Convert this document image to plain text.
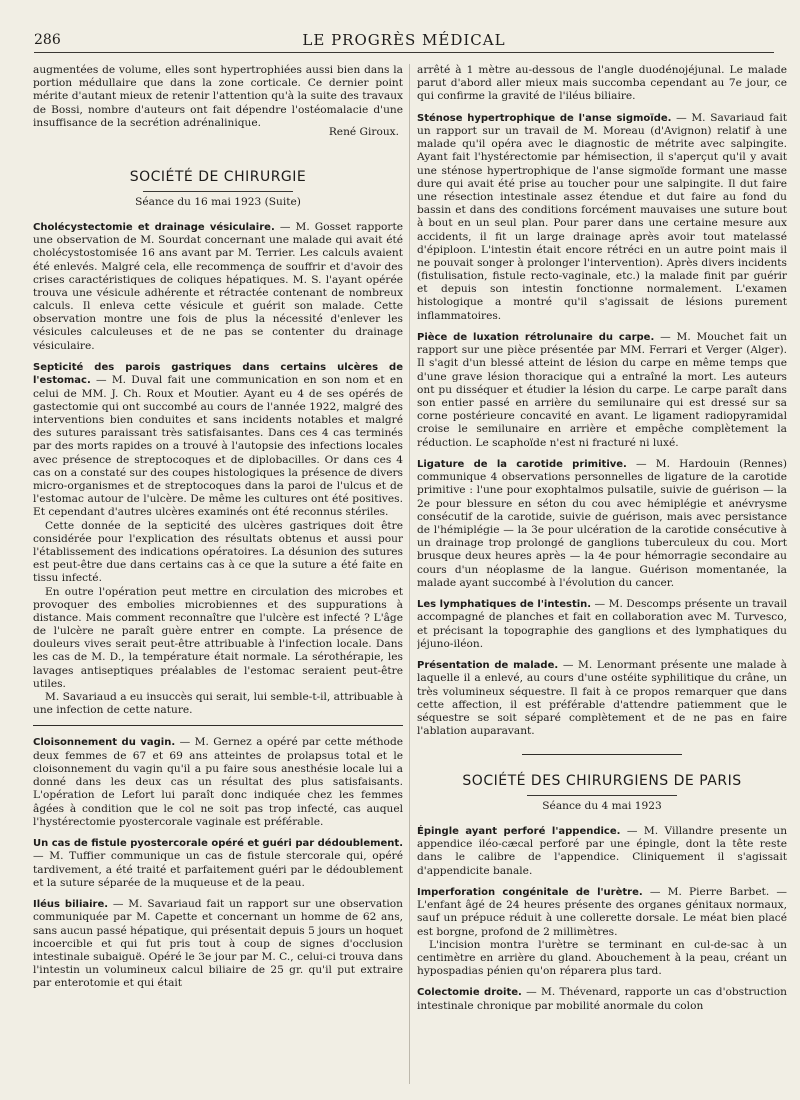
286	LE PROGRÈS MÉDICAL

augmentées de volume, elles sont hypertrophiées aussi bien dans la portion médullaire que dans la zone corticale. Ce dernier point mérite d'autant mieux de retenir l'attention qu'à la suite des travaux de Bossi, nombre d'auteurs ont fait dépendre l'ostéomalacie d'une insuffisance de la secrétion adrénalinique.

René Giroux.
SOCIÉTÉ DE CHIRURGIE
Séance du 16 mai 1923 (Suite)

Cholécystectomie et drainage vésiculaire. — M. Gosset rapporte une observation de M. Sourdat concernant une malade qui avait été cholécystostomisée 16 ans avant par M. Terrier. Les calculs avaient été enlevés. Malgré cela, elle recommença de souffrir et d'avoir des crises caractéristiques de coliques hépatiques. M. S. l'ayant opérée trouva une vésicule adhérente et rétractée contenant de nombreux calculs. Il enleva cette vésicule et guérit son malade. Cette observation montre une fois de plus la nécessité d'enlever les vésicules calculeuses et de ne pas se contenter du drainage vésiculaire.

Septicité des parois gastriques dans certains ulcères de l'estomac. — M. Duval fait une communication en son nom et en celui de MM. J. Ch. Roux et Moutier. Ayant eu 4 de ses opérés de gastectomie qui ont succombé au cours de l'année 1922, malgré des interventions bien conduites et sans incidents notables et malgré des sutures paraissant très satisfaisantes. Dans ces 4 cas terminés par des morts rapides on a trouvé à l'autopsie des infections locales avec présence de streptocoques et de diplobacilles. Or dans ces 4 cas on a constaté sur des coupes histologiques la présence de divers micro-organismes et de streptocoques dans la paroi de l'ulcus et de l'estomac autour de l'ulcère. De même les cultures ont été positives. Et cependant d'autres ulcères examinés ont été reconnus stériles.

Cette donnée de la septicité des ulcères gastriques doit être considérée pour l'explication des résultats obtenus et aussi pour l'établissement des indications opératoires. La désunion des sutures est peut-être due dans certains cas à ce que la suture a été faite en tissu infecté.

En outre l'opération peut mettre en circulation des microbes et provoquer des embolies microbiennes et des suppurations à distance. Mais comment reconnaître que l'ulcère est infecté ? L'âge de l'ulcère ne paraît guère entrer en compte. La présence de douleurs vives serait peut-être attribuable à l'infection locale. Dans les cas de M. D., la température était normale. La sérothérapie, les lavages antiseptiques préalables de l'estomac seraient peut-être utiles.

M. Savariaud a eu insuccès qui serait, lui semble-t-il, attribuable à une infection de cette nature.

Cloisonnement du vagin. — M. Gernez a opéré par cette méthode deux femmes de 67 et 69 ans atteintes de prolapsus total et le cloisonnement du vagin qu'il a pu faire sous anesthésie locale lui a donné dans les deux cas un résultat des plus satisfaisants. L'opération de Lefort lui paraît donc indiquée chez les femmes âgées à condition que le col ne soit pas trop infecté, cas auquel l'hystérectomie pyostercorale vaginale est préférable.

Un cas de fistule pyostercorale opéré et guéri par dédoublement. — M. Tuffier communique un cas de fistule stercorale qui, opéré tardivement, a été traité et parfaitement guéri par le dédoublement et la suture séparée de la muqueuse et de la peau.

Iléus biliaire. — M. Savariaud fait un rapport sur une observation communiquée par M. Capette et concernant un homme de 62 ans, sans aucun passé hépatique, qui présentait depuis 5 jours un hoquet incoercible et qui fut pris tout à coup de signes d'occlusion intestinale subaiguë. Opéré le 3e jour par M. C., celui-ci trouva dans l'intestin un volumineux calcul biliaire de 25 gr. qu'il put extraire par enterotomie et qui était

arrêté à 1 mètre au-dessous de l'angle duodénojéjunal. Le malade parut d'abord aller mieux mais succomba cependant au 7e jour, ce qui confirme la gravité de l'iléus biliaire.

Sténose hypertrophique de l'anse sigmoïde. — M. Savariaud fait un rapport sur un travail de M. Moreau (d'Avignon) relatif à une malade qu'il opéra avec le diagnostic de métrite avec salpingite. Ayant fait l'hystérectomie par hémisection, il s'aperçut qu'il y avait une sténose hypertrophique de l'anse sigmoïde formant une masse dure qui avait été prise au toucher pour une salpingite. Il dut faire une résection intestinale assez étendue et dut faire au fond du bassin et dans des conditions forcément mauvaises une suture bout à bout en un seul plan. Pour parer dans une certaine mesure aux accidents, il fit un large drainage après avoir tout matelassé d'épiploon. L'intestin était encore rétréci en un autre point mais il ne pouvait songer à prolonger l'intervention). Après divers incidents (fistulisation, fistule recto-vaginale, etc.) la malade finit par guérir et depuis son intestin fonctionne normalement. L'examen histologique a montré qu'il s'agissait de lésions purement inflammatoires.

Pièce de luxation rétrolunaire du carpe. — M. Mouchet fait un rapport sur une pièce présentée par MM. Ferrari et Verger (Alger). Il s'agit d'un blessé atteint de lésion du carpe en même temps que d'une grave lésion thoracique qui a entraîné la mort. Les auteurs ont pu disséquer et étudier la lésion du carpe. Le carpe paraît dans son entier passé en arrière du semilunaire qui est dressé sur sa corne postérieure concavité en avant. Le ligament radiopyramidal croise le semilunaire en arrière et empêche complètement la réduction. Le scaphoïde n'est ni fracturé ni luxé.

Ligature de la carotide primitive. — M. Hardouin (Rennes) communique 4 observations personnelles de ligature de la carotide primitive : l'une pour exophtalmos pulsatile, suivie de guérison — la 2e pour blessure en séton du cou avec hémiplégie et anévrysme consécutif de la carotide, suivie de guérison, mais avec persistance de l'hémiplégie — la 3e pour ulcération de la carotide consécutive à un drainage trop prolongé de ganglions tuberculeux du cou. Mort brusque deux heures après — la 4e pour hémorragie secondaire au cours d'un néoplasme de la langue. Guérison momentanée, la malade ayant succombé à l'évolution du cancer.

Les lymphatiques de l'intestin. — M. Descomps présente un travail accompagné de planches et fait en collaboration avec M. Turvesco, et précisant la topographie des ganglions et des lymphatiques du jéjuno-iléon.

Présentation de malade. — M. Lenormant présente une malade à laquelle il a enlevé, au cours d'une ostéite syphilitique du crâne, un très volumineux séquestre. Il fait à ce propos remarquer que dans cette affection, il est préférable d'attendre patiemment que le séquestre se soit séparé complètement et de ne pas en faire l'ablation auparavant.

SOCIÉTÉ DES CHIRURGIENS DE PARIS
Séance du 4 mai 1923

Épingle ayant perforé l'appendice. — M. Villandre presente un appendice iléo-cæcal perforé par une épingle, dont la tête reste dans le calibre de l'appendice. Cliniquement il s'agissait d'appendicite banale.

Imperforation congénitale de l'urètre. — M. Pierre Barbet. — L'enfant âgé de 24 heures présente des organes génitaux normaux, sauf un prépuce réduit à une collerette dorsale. Le méat bien placé est borgne, profond de 2 millimètres.

L'incision montra l'urètre se terminant en cul-de-sac à un centimètre en arrière du gland. Abouchement à la peau, créant un hypospadias pénien qu'on réparera plus tard.

Colectomie droite. — M. Thévenard, rapporte un cas d'obstruction intestinale chronique par mobilité anormale du colon
